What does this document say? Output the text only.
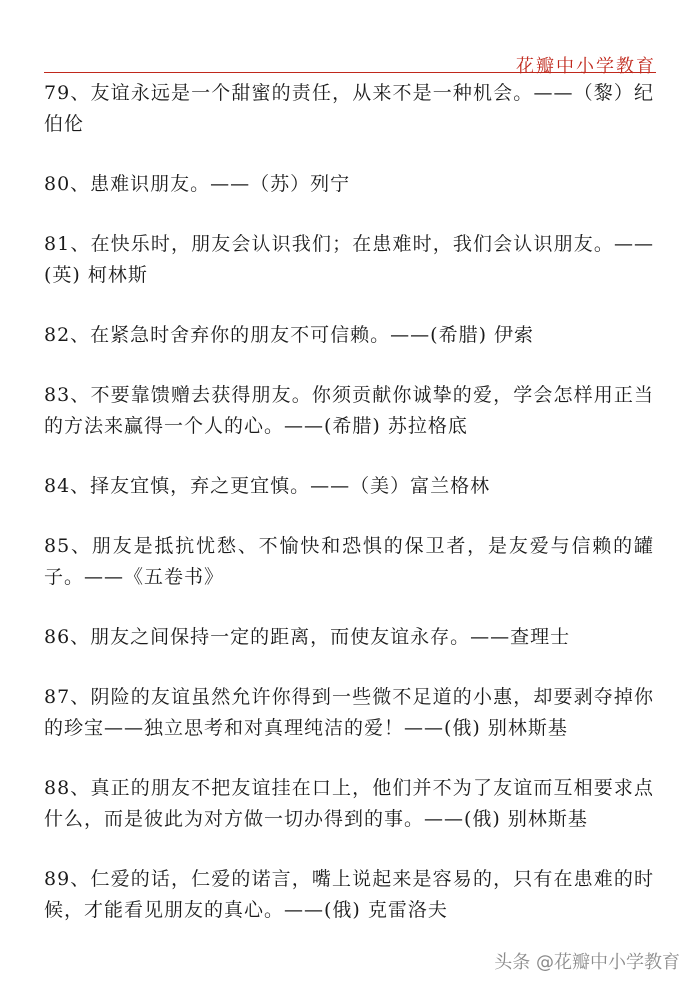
花瓣中小学教育

79、友谊永远是一个甜蜜的责任，从来不是一种机会。——（黎）纪伯伦

80、患难识朋友。——（苏）列宁

81、在快乐时，朋友会认识我们；在患难时，我们会认识朋友。——(英) 柯林斯

82、在紧急时舍弃你的朋友不可信赖。——(希腊) 伊索

83、不要靠馈赠去获得朋友。你须贡献你诚挚的爱，学会怎样用正当的方法来赢得一个人的心。——(希腊) 苏拉格底

84、择友宜慎，弃之更宜慎。——（美）富兰格林

85、朋友是抵抗忧愁、不愉快和恐惧的保卫者，是友爱与信赖的罐子。——《五卷书》

86、朋友之间保持一定的距离，而使友谊永存。——查理士

87、阴险的友谊虽然允许你得到一些微不足道的小惠，却要剥夺掉你的珍宝——独立思考和对真理纯洁的爱！——(俄) 别林斯基

88、真正的朋友不把友谊挂在口上，他们并不为了友谊而互相要求点什么，而是彼此为对方做一切办得到的事。——(俄) 别林斯基

89、仁爱的话，仁爱的诺言，嘴上说起来是容易的，只有在患难的时候，才能看见朋友的真心。——(俄) 克雷洛夫

头条 @花瓣中小学教育
